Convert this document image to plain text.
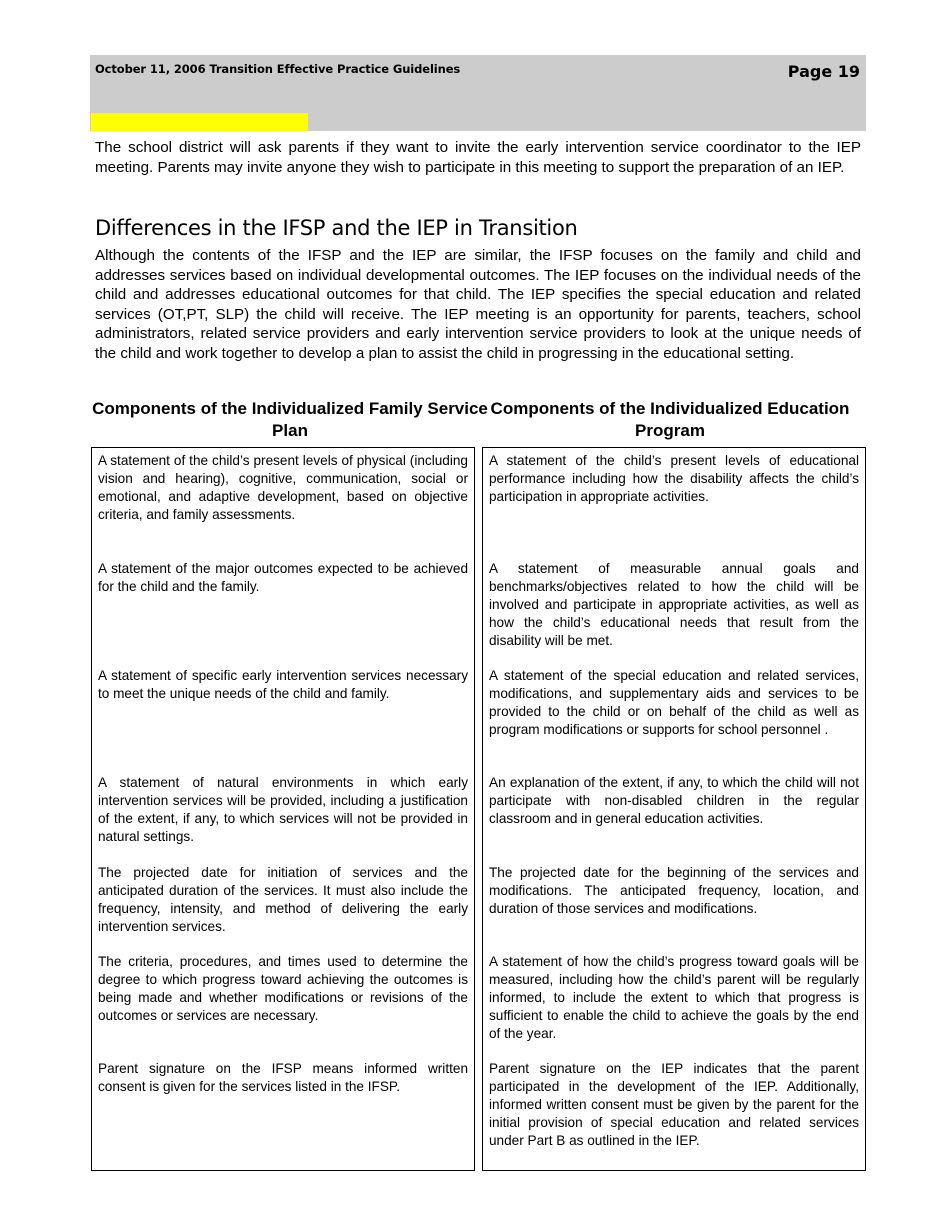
October 11, 2006 Transition Effective Practice Guidelines	Page 19
The school district will ask parents if they want to invite the early intervention service coordinator to the IEP meeting. Parents may invite anyone they wish to participate in this meeting to support the preparation of an IEP.
Differences in the IFSP and the IEP in Transition
Although the contents of the IFSP and the IEP are similar, the IFSP focuses on the family and child and addresses services based on individual developmental outcomes. The IEP focuses on the individual needs of the child and addresses educational outcomes for that child. The IEP specifies the special education and related services (OT,PT, SLP) the child will receive. The IEP meeting is an opportunity for parents, teachers, school administrators, related service providers and early intervention service providers to look at the unique needs of the child and work together to develop a plan to assist the child in progressing in the educational setting.
Components of the Individualized Family Service Plan
Components of the Individualized Education Program
A statement of the child’s present levels of physical (including vision and hearing), cognitive, communication, social or emotional, and adaptive development, based on objective criteria, and family assessments.
A statement of the major outcomes expected to be achieved for the child and the family.
A statement of specific early intervention services necessary to meet the unique needs of the child and family.
A statement of natural environments in which early intervention services will be provided, including a justification of the extent, if any, to which services will not be provided in natural settings.
The projected date for initiation of services and the anticipated duration of the services. It must also include the frequency, intensity, and method of delivering the early intervention services.
The criteria, procedures, and times used to determine the degree to which progress toward achieving the outcomes is being made and whether modifications or revisions of the outcomes or services are necessary.
Parent signature on the IFSP means informed written consent is given for the services listed in the IFSP.
A statement of the child’s present levels of educational performance including how the disability affects the child’s participation in appropriate activities.
A statement of measurable annual goals and benchmarks/objectives related to how the child will be involved and participate in appropriate activities, as well as how the child’s educational needs that result from the disability will be met.
A statement of the special education and related services, modifications, and supplementary aids and services to be provided to the child or on behalf of the child as well as program modifications or supports for school personnel .
An explanation of the extent, if any, to which the child will not participate with non-disabled children in the regular classroom and in general education activities.
The projected date for the beginning of the services and modifications. The anticipated frequency, location, and duration of those services and modifications.
A statement of how the child’s progress toward goals will be measured, including how the child’s parent will be regularly informed, to include the extent to which that progress is sufficient to enable the child to achieve the goals by the end of the year.
Parent signature on the IEP indicates that the parent participated in the development of the IEP. Additionally, informed written consent must be given by the parent for the initial provision of special education and related services under Part B as outlined in the IEP.
